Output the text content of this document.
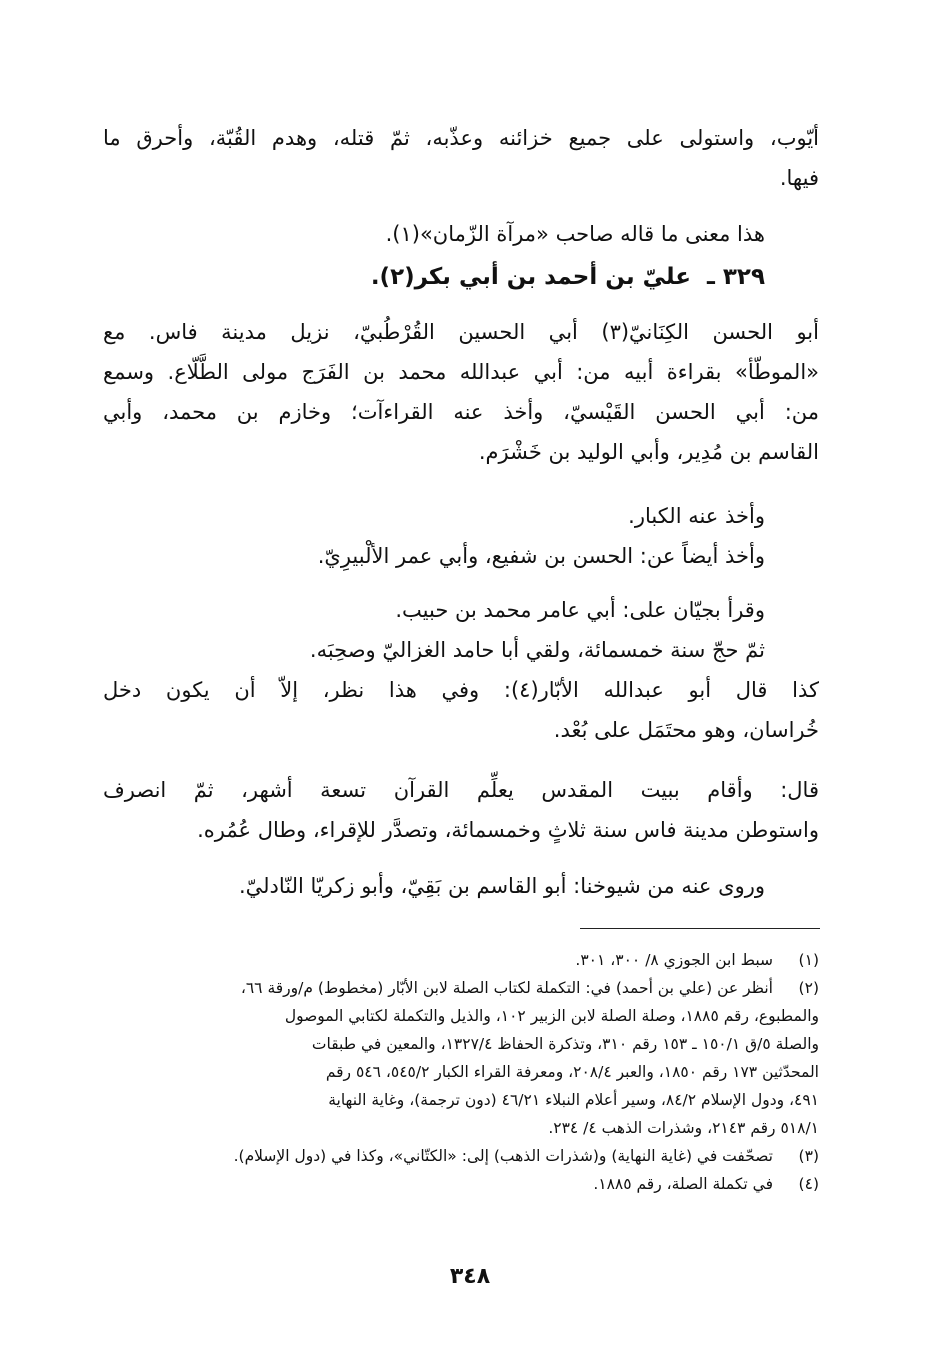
أيّوب، واستولى على جميع خزائنه وعذّبه، ثمّ قتله، وهدم القُبّة، وأحرق ما
فيها.
هذا معنى ما قاله صاحب «مرآة الزّمان»(١).
٣٢٩ ـ عليّ بن أحمد بن أبي بكر(٢).
أبو الحسن الكِنَانيّ(٣) أبي الحسين القُرْطُبيّ، نزيل مدينة فاس. مع
«الموطّأ» بقراءة أبيه من: أبي عبدالله محمد بن الفَرَج مولى الطَّلّاع. وسمع
من: أبي الحسن القَيْسيّ، وأخذ عنه القراءآت؛ وخازم بن محمد، وأبي
القاسم بن مُدِير، وأبي الوليد بن خَشْرَم.
وأخذ عنه الكبار.
وأخذ أيضاً عن: الحسن بن شفيع، وأبي عمر الألْبيرِيّ.
وقرأ بجيّان على: أبي عامر محمد بن حبيب.
ثمّ حجّ سنة خمسمائة، ولقي أبا حامد الغزاليّ وصحِبَه.
كذا قال أبو عبدالله الأبّار(٤): وفي هذا نظر، إلاّ أن يكون دخل
خُراسان، وهو محتَمَل على بُعْد.
قال: وأقام ببيت المقدس يعلِّم القرآن تسعة أشهر، ثمّ انصرف
واستوطن مدينة فاس سنة ثلاثٍ وخمسمائة، وتصدَّر للإقراء، وطال عُمُره.
وروى عنه من شيوخنا: أبو القاسم بن بَقِيّ، وأبو زكريّا النّادليّ.
(١)
سبط ابن الجوزي ٨/ ٣٠٠، ٣٠١.
(٢)
أنظر عن (علي بن أحمد) في: التكملة لكتاب الصلة لابن الأبّار (مخطوط) م/ورقة ٦٦،
والمطبوع، رقم ١٨٨٥، وصلة الصلة لابن الزبير ١٠٢، والذيل والتكملة لكتابي الموصول
والصلة ٥/ق ١٥٠/١ ـ ١٥٣ رقم ٣١٠، وتذكرة الحفاظ ١٣٢٧/٤، والمعين في طبقات
المحدّثين ١٧٣ رقم ١٨٥٠، والعبر ٢٠٨/٤، ومعرفة القراء الكبار ٥٤٥/٢، ٥٤٦ رقم
٤٩١، ودول الإسلام ٨٤/٢، وسير أعلام النبلاء ٤٦/٢١ (دون ترجمة)، وغاية النهاية
٥١٨/١ رقم ٢١٤٣، وشذرات الذهب ٤/ ٢٣٤.
(٣)
تصحّفت في (غاية النهاية) و(شذرات الذهب) إلى: «الكتّاني»، وكذا في (دول الإسلام).
(٤)
في تكملة الصلة، رقم ١٨٨٥.
٣٤٨
